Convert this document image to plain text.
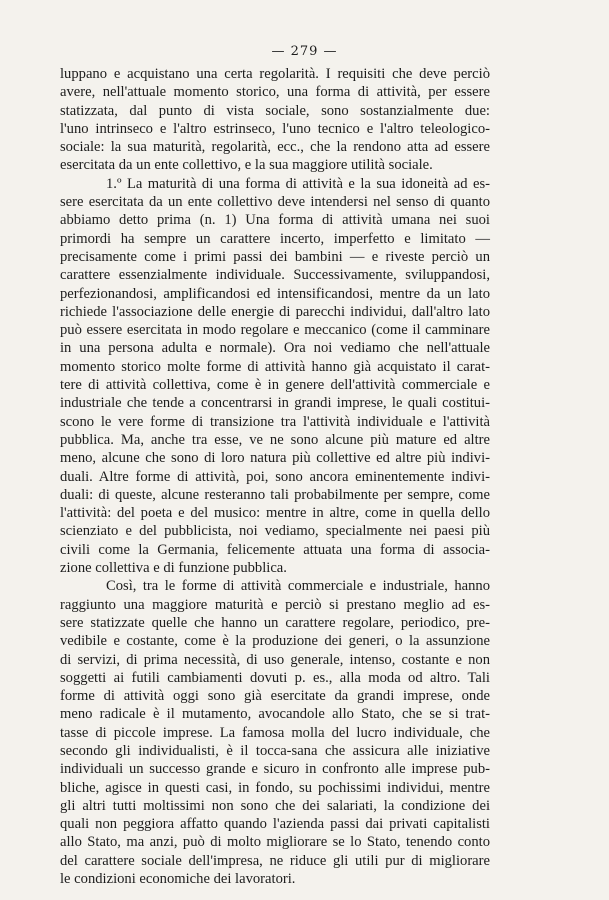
— 279 —
luppano e acquistano una certa regolarità. I requisiti che deve perciò
avere, nell'attuale momento storico, una forma di attività, per essere
statizzata, dal punto di vista sociale, sono sostanzialmente due:
l'uno intrinseco e l'altro estrinseco, l'uno tecnico e l'altro teleologico-
sociale: la sua maturità, regolarità, ecc., che la rendono atta ad essere
esercitata da un ente collettivo, e la sua maggiore utilità sociale.
1.º La maturità di una forma di attività e la sua idoneità ad es-
sere esercitata da un ente collettivo deve intendersi nel senso di quanto
abbiamo detto prima (n. 1) Una forma di attività umana nei suoi
primordi ha sempre un carattere incerto, imperfetto e limitato —
precisamente come i primi passi dei bambini — e riveste perciò un
carattere essenzialmente individuale. Successivamente, sviluppandosi,
perfezionandosi, amplificandosi ed intensificandosi, mentre da un lato
richiede l'associazione delle energie di parecchi individui, dall'altro lato
può essere esercitata in modo regolare e meccanico (come il camminare
in una persona adulta e normale). Ora noi vediamo che nell'attuale
momento storico molte forme di attività hanno già acquistato il carat-
tere di attività collettiva, come è in genere dell'attività commerciale e
industriale che tende a concentrarsi in grandi imprese, le quali costitui-
scono le vere forme di transizione tra l'attività individuale e l'attività
pubblica. Ma, anche tra esse, ve ne sono alcune più mature ed altre
meno, alcune che sono di loro natura più collettive ed altre più indivi-
duali. Altre forme di attività, poi, sono ancora eminentemente indivi-
duali: di queste, alcune resteranno tali probabilmente per sempre, come
l'attività: del poeta e del musico: mentre in altre, come in quella dello
scienziato e del pubblicista, noi vediamo, specialmente nei paesi più
civili come la Germania, felicemente attuata una forma di associa-
zione collettiva e di funzione pubblica.
Così, tra le forme di attività commerciale e industriale, hanno
raggiunto una maggiore maturità e perciò si prestano meglio ad es-
sere statizzate quelle che hanno un carattere regolare, periodico, pre-
vedibile e costante, come è la produzione dei generi, o la assunzione
di servizi, di prima necessità, di uso generale, intenso, costante e non
soggetti ai futili cambiamenti dovuti p. es., alla moda od altro. Tali
forme di attività oggi sono già esercitate da grandi imprese, onde
meno radicale è il mutamento, avocandole allo Stato, che se si trat-
tasse di piccole imprese. La famosa molla del lucro individuale, che
secondo gli individualisti, è il tocca-sana che assicura alle iniziative
individuali un successo grande e sicuro in confronto alle imprese pub-
bliche, agisce in questi casi, in fondo, su pochissimi individui, mentre
gli altri tutti moltissimi non sono che dei salariati, la condizione dei
quali non peggiora affatto quando l'azienda passi dai privati capitalisti
allo Stato, ma anzi, può di molto migliorare se lo Stato, tenendo conto
del carattere sociale dell'impresa, ne riduce gli utili pur di migliorare
le condizioni economiche dei lavoratori.
